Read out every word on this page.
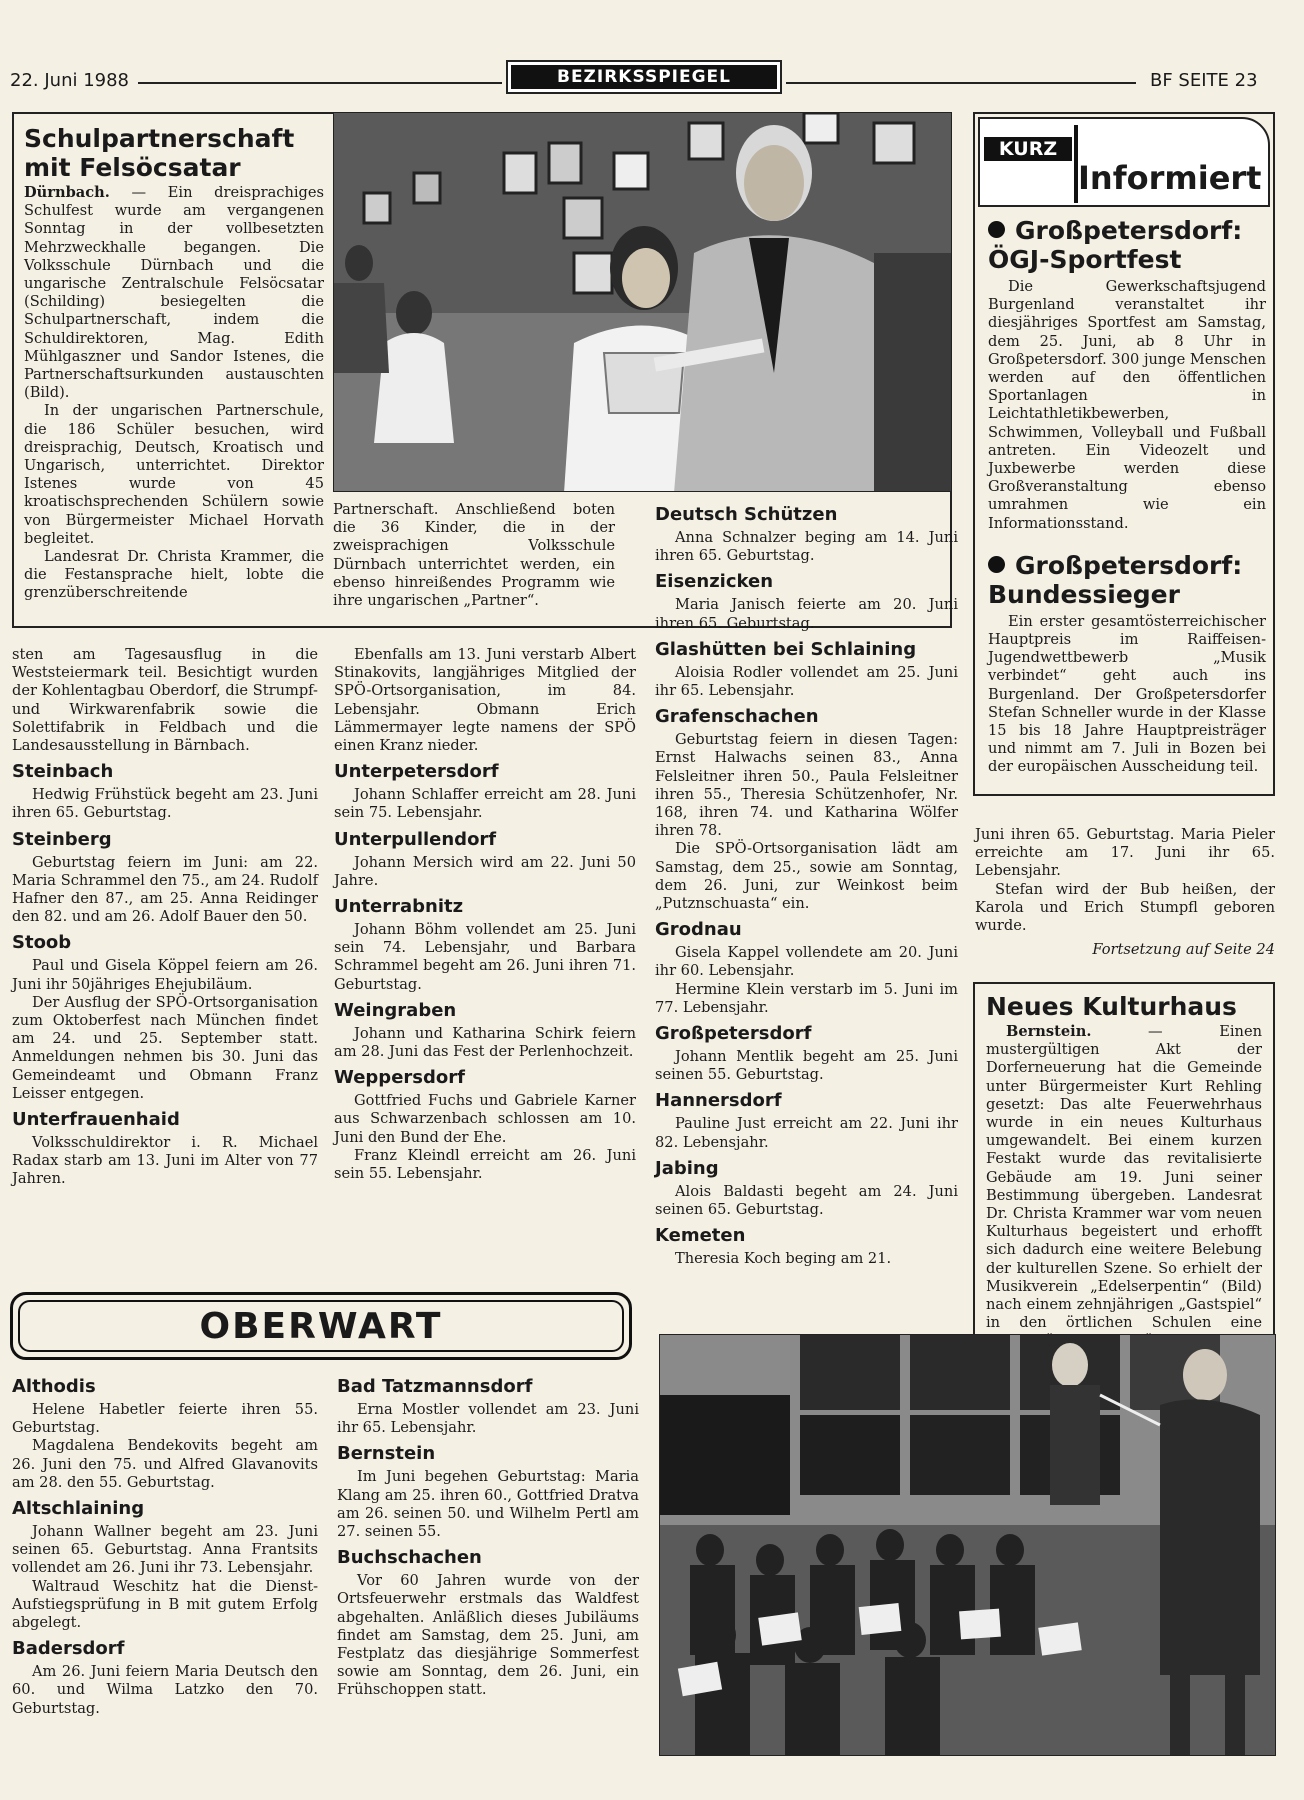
22. Juni 1988	BEZIRKSSPIEGEL	BF SEITE 23
Schulpartnerschaft
mit Felsöcsatar

Dürnbach. — Ein dreisprachiges Schulfest wurde am vergangenen Sonntag in der vollbesetzten Mehrzweckhalle begangen. Die Volksschule Dürnbach und die ungarische Zentralschule Felsöcsatar (Schilding) besiegelten die Schulpartnerschaft, indem die Schuldirektoren, Mag. Edith Mühlgaszner und Sandor Istenes, die Partnerschaftsurkunden austauschten (Bild).

In der ungarischen Partnerschule, die 186 Schüler besuchen, wird dreisprachig, Deutsch, Kroatisch und Ungarisch, unterrichtet. Direktor Istenes wurde von 45 kroatischsprechenden Schülern sowie von Bürgermeister Michael Horvath begleitet.

Landesrat Dr. Christa Krammer, die die Festansprache hielt, lobte die grenzüberschreitende

Partnerschaft. Anschließend boten die 36 Kinder, die in der zweisprachigen Volksschule Dürnbach unterrichtet werden, ein ebenso hinreißendes Programm wie ihre ungarischen „Partner“.

sten am Tagesausflug in die Weststeiermark teil. Besichtigt wurden der Kohlentagbau Oberdorf, die Strumpf- und Wirkwarenfabrik sowie die Solettifabrik in Feldbach und die Landesausstellung in Bärnbach.

Steinbach

Hedwig Frühstück begeht am 23. Juni ihren 65. Geburtstag.

Steinberg

Geburtstag feiern im Juni: am 22. Maria Schrammel den 75., am 24. Rudolf Hafner den 87., am 25. Anna Reidinger den 82. und am 26. Adolf Bauer den 50.

Stoob

Paul und Gisela Köppel feiern am 26. Juni ihr 50jähriges Ehejubiläum.

Der Ausflug der SPÖ-Ortsorganisation zum Oktoberfest nach München findet am 24. und 25. September statt. Anmeldungen nehmen bis 30. Juni das Gemeindeamt und Obmann Franz Leisser entgegen.

Unterfrauenhaid

Volksschuldirektor i. R. Michael Radax starb am 13. Juni im Alter von 77 Jahren.

Ebenfalls am 13. Juni verstarb Albert Stinakovits, langjähriges Mitglied der SPÖ-Ortsorganisation, im 84. Lebensjahr. Obmann Erich Lämmermayer legte namens der SPÖ einen Kranz nieder.

Unterpetersdorf

Johann Schlaffer erreicht am 28. Juni sein 75. Lebensjahr.

Unterpullendorf

Johann Mersich wird am 22. Juni 50 Jahre.

Unterrabnitz

Johann Böhm vollendet am 25. Juni sein 74. Lebensjahr, und Barbara Schrammel begeht am 26. Juni ihren 71. Geburtstag.

Weingraben

Johann und Katharina Schirk feiern am 28. Juni das Fest der Perlenhochzeit.

Weppersdorf

Gottfried Fuchs und Gabriele Karner aus Schwarzenbach schlossen am 10. Juni den Bund der Ehe.

Franz Kleindl erreicht am 26. Juni sein 55. Lebensjahr.

Deutsch Schützen

Anna Schnalzer beging am 14. Juni ihren 65. Geburtstag.

Eisenzicken

Maria Janisch feierte am 20. Juni ihren 65. Geburtstag.

Glashütten bei Schlaining

Aloisia Rodler vollendet am 25. Juni ihr 65. Lebensjahr.

Grafenschachen

Geburtstag feiern in diesen Tagen: Ernst Halwachs seinen 83., Anna Felsleitner ihren 50., Paula Felsleitner ihren 55., Theresia Schützenhofer, Nr. 168, ihren 74. und Katharina Wölfer ihren 78.

Die SPÖ-Ortsorganisation lädt am Samstag, dem 25., sowie am Sonntag, dem 26. Juni, zur Weinkost beim „Putznschuasta“ ein.

Grodnau

Gisela Kappel vollendete am 20. Juni ihr 60. Lebensjahr.

Hermine Klein verstarb im 5. Juni im 77. Lebensjahr.

Großpetersdorf

Johann Mentlik begeht am 25. Juni seinen 55. Geburtstag.

Hannersdorf

Pauline Just erreicht am 22. Juni ihr 82. Lebensjahr.

Jabing

Alois Baldasti begeht am 24. Juni seinen 65. Geburtstag.

Kemeten

Theresia Koch beging am 21.

KURZ
Informiert
Großpetersdorf:
ÖGJ-Sportfest

Die Gewerkschaftsjugend Burgenland veranstaltet ihr diesjähriges Sportfest am Samstag, dem 25. Juni, ab 8 Uhr in Großpetersdorf. 300 junge Menschen werden auf den öffentlichen Sportanlagen in Leichtathletikbewerben, Schwimmen, Volleyball und Fußball antreten. Ein Videozelt und Juxbewerbe werden diese Großveranstaltung ebenso umrahmen wie ein Informationsstand.

Großpetersdorf:
Bundessieger

Ein erster gesamtösterreichischer Hauptpreis im Raiffeisen-Jugendwettbewerb „Musik verbindet“ geht auch ins Burgenland. Der Großpetersdorfer Stefan Schneller wurde in der Klasse 15 bis 18 Jahre Hauptpreisträger und nimmt am 7. Juli in Bozen bei der europäischen Ausscheidung teil.

Juni ihren 65. Geburtstag. Maria Pieler erreichte am 17. Juni ihr 65. Lebensjahr.

Stefan wird der Bub heißen, der Karola und Erich Stumpfl geboren wurde.

Fortsetzung auf Seite 24

Neues Kulturhaus

Bernstein.	— Einen mustergültigen Akt der Dorferneuerung hat die Gemeinde unter Bürgermeister Kurt Rehling gesetzt: Das alte Feuerwehrhaus wurde in ein neues Kulturhaus umgewandelt. Bei einem kurzen Festakt wurde das revitalisierte Gebäude am 19. Juni seiner Bestimmung übergeben. Landesrat Dr. Christa Krammer war vom neuen Kulturhaus begeistert und erhofft sich dadurch eine weitere Belebung der kulturellen Szene. So erhielt der Musikverein „Edelserpentin“ (Bild) nach einem zehnjährigen „Gastspiel“ in den örtlichen Schulen eine

OBERWART
Althodis

Helene Habetler feierte ihren 55. Geburtstag.

Magdalena Bendekovits begeht am 26. Juni den 75. und Alfred Glavanovits am 28. den 55. Geburtstag.

Altschlaining

Johann Wallner begeht am 23. Juni seinen 65. Geburtstag. Anna Frantsits vollendet am 26. Juni ihr 73. Lebensjahr.

Waltraud Weschitz hat die Dienst-Aufstiegsprüfung in B mit gutem Erfolg abgelegt.

Badersdorf

Am 26. Juni feiern Maria Deutsch den 60. und Wilma Latzko den 70. Geburtstag.

Bad Tatzmannsdorf

Erna Mostler vollendet am 23. Juni ihr 65. Lebensjahr.

Bernstein

Im Juni begehen Geburtstag: Maria Klang am 25. ihren 60., Gottfried Dratva am 26. seinen 50. und Wilhelm Pertl am 27. seinen 55.

Buchschachen

Vor 60 Jahren wurde von der Ortsfeuerwehr erstmals das Waldfest abgehalten. Anläßlich dieses Jubiläums findet am Samstag, dem 25. Juni, am Festplatz das diesjährige Sommerfest sowie am Sonntag, dem 26. Juni, ein Frühschoppen statt.
